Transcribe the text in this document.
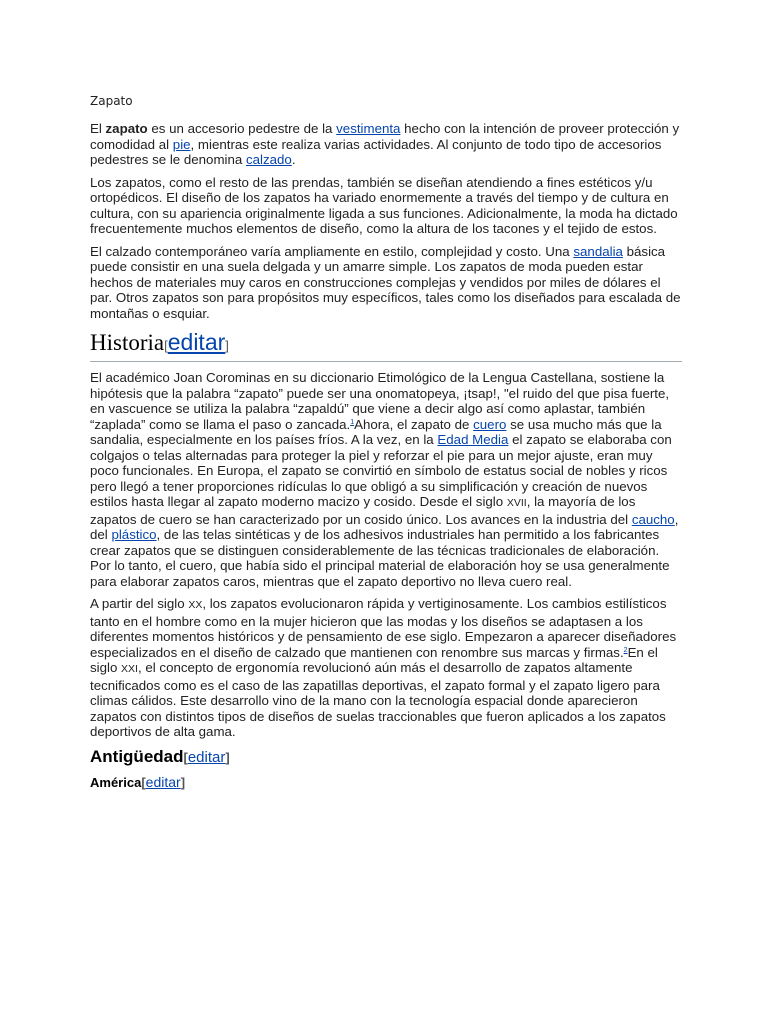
Zapato

El zapato es un accesorio pedestre de la vestimenta hecho con la intención de proveer protección y comodidad al pie, mientras este realiza varias actividades. Al conjunto de todo tipo de accesorios pedestres se le denomina calzado.

Los zapatos, como el resto de las prendas, también se diseñan atendiendo a fines estéticos y/u ortopédicos. El diseño de los zapatos ha variado enormemente a través del tiempo y de cultura en cultura, con su apariencia originalmente ligada a sus funciones. Adicionalmente, la moda ha dictado frecuentemente muchos elementos de diseño, como la altura de los tacones y el tejido de estos.

El calzado contemporáneo varía ampliamente en estilo, complejidad y costo. Una sandalia básica puede consistir en una suela delgada y un amarre simple. Los zapatos de moda pueden estar hechos de materiales muy caros en construcciones complejas y vendidos por miles de dólares el par. Otros zapatos son para propósitos muy específicos, tales como los diseñados para escalada de montañas o esquiar.

Historia[editar]

El académico Joan Corominas en su diccionario Etimológico de la Lengua Castellana, sostiene la hipótesis que la palabra “zapato” puede ser una onomatopeya, ¡tsap!, "el ruido del que pisa fuerte, en vascuence se utiliza la palabra “zapaldú” que viene a decir algo así como aplastar, también “zaplada” como se llama el paso o zancada.$^1$Ahora, el zapato de cuero se usa mucho más que la sandalia, especialmente en los países fríos. A la vez, en la Edad Media el zapato se elaboraba con colgajos o telas alternadas para proteger la piel y reforzar el pie para un mejor ajuste, eran muy poco funcionales. En Europa, el zapato se convirtió en símbolo de estatus social de nobles y ricos pero llegó a tener proporciones ridículas lo que obligó a su simplificación y creación de nuevos estilos hasta llegar al zapato moderno macizo y cosido. Desde el siglo XVII, la mayoría de los zapatos de cuero se han caracterizado por un cosido único. Los avances en la industria del caucho, del plástico, de las telas sintéticas y de los adhesivos industriales han permitido a los fabricantes crear zapatos que se distinguen considerablemente de las técnicas tradicionales de elaboración. Por lo tanto, el cuero, que había sido el principal material de elaboración hoy se usa generalmente para elaborar zapatos caros, mientras que el zapato deportivo no lleva cuero real.

A partir del siglo XX, los zapatos evolucionaron rápida y vertiginosamente. Los cambios estilísticos tanto en el hombre como en la mujer hicieron que las modas y los diseños se adaptasen a los diferentes momentos históricos y de pensamiento de ese siglo. Empezaron a aparecer diseñadores especializados en el diseño de calzado que mantienen con renombre sus marcas y firmas.$^2$En el siglo XXI, el concepto de ergonomía revolucionó aún más el desarrollo de zapatos altamente tecnificados como es el caso de las zapatillas deportivas, el zapato formal y el zapato ligero para climas cálidos. Este desarrollo vino de la mano con la tecnología espacial donde aparecieron zapatos con distintos tipos de diseños de suelas traccionables que fueron aplicados a los zapatos deportivos de alta gama.

Antigüedad[editar]
América[editar]
